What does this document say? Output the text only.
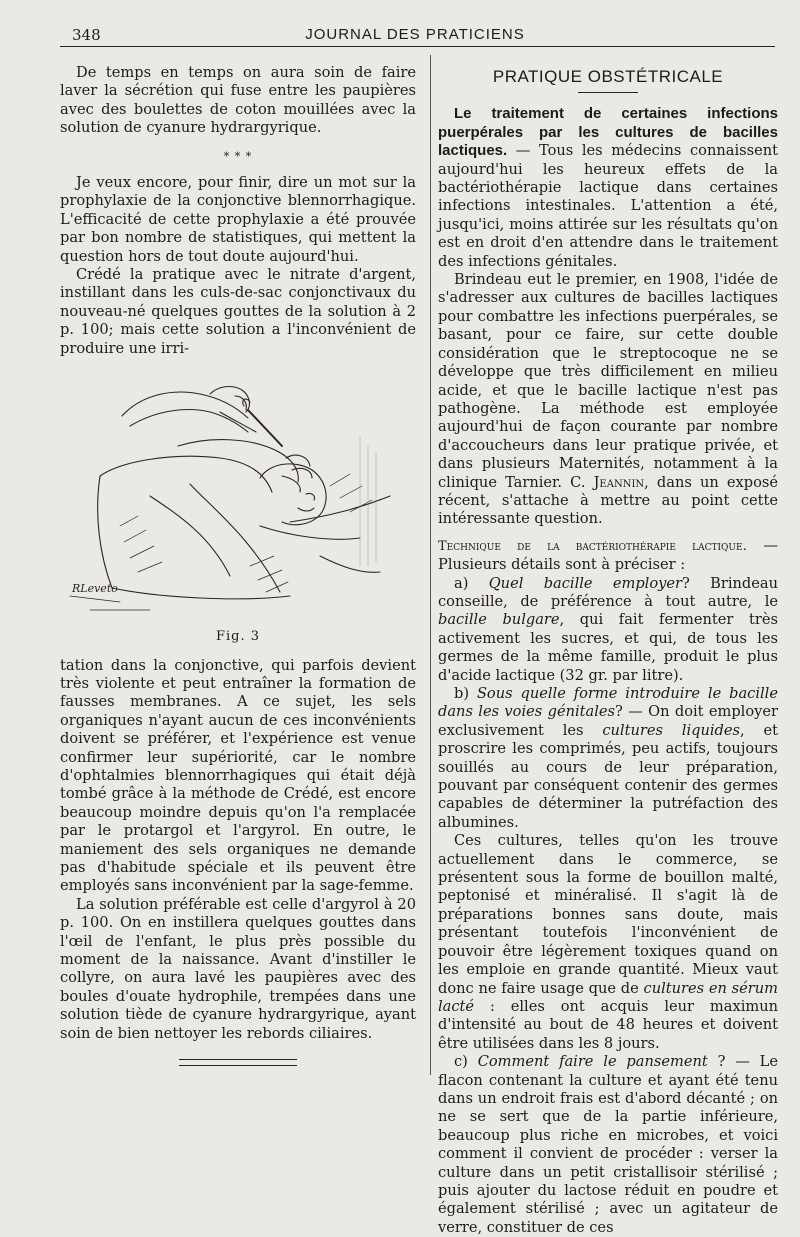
348	JOURNAL DES PRATICIENS

De temps en temps on aura soin de faire laver la sécrétion qui fuse entre les paupières avec des boulettes de coton mouillées avec la solution de cyanure hydrargyrique.

* * *

Je veux encore, pour finir, dire un mot sur la prophylaxie de la conjonctive blennorrhagique. L'efficacité de cette prophylaxie a été prouvée par bon nombre de statistiques, qui mettent la question hors de tout doute aujourd'hui.

Crédé la pratique avec le nitrate d'argent, instillant dans les culs-de-sac conjonctivaux du nouveau-né quelques gouttes de la solution à 2 p. 100; mais cette solution a l'inconvénient de produire une irri-

RLeveto
Fig. 3

tation dans la conjonctive, qui parfois devient très violente et peut entraîner la formation de fausses membranes. A ce sujet, les sels organiques n'ayant aucun de ces inconvénients doivent se préférer, et l'expérience est venue confirmer leur supériorité, car le nombre d'ophtalmies blennorrhagiques qui était déjà tombé grâce à la méthode de Crédé, est encore beaucoup moindre depuis qu'on l'a remplacée par le protargol et l'argyrol. En outre, le maniement des sels organiques ne demande pas d'habitude spéciale et ils peuvent être employés sans inconvénient par la sage-femme.

La solution préférable est celle d'argyrol à 20 p. 100. On en instillera quelques gouttes dans l'œil de l'enfant, le plus près possible du moment de la naissance. Avant d'instiller le collyre, on aura lavé les paupières avec des boules d'ouate hydrophile, trempées dans une solution tiède de cyanure hydrargyrique, ayant soin de bien nettoyer les rebords ciliaires.

PRATIQUE OBSTÉTRICALE

Le traitement de certaines infections puerpérales par les cultures de bacilles lactiques. — Tous les médecins connaissent aujourd'hui les heureux effets de la bactériothérapie lactique dans certaines infections intestinales. L'attention a été, jusqu'ici, moins attirée sur les résultats qu'on est en droit d'en attendre dans le traitement des infections génitales.

Brindeau eut le premier, en 1908, l'idée de s'adresser aux cultures de bacilles lactiques pour combattre les infections puerpérales, se basant, pour ce faire, sur cette double considération que le streptocoque ne se développe que très difficilement en milieu acide, et que le bacille lactique n'est pas pathogène. La méthode est employée aujourd'hui de façon courante par nombre d'accoucheurs dans leur pratique privée, et dans plusieurs Maternités, notamment à la clinique Tarnier. C. Jeannin, dans un exposé récent, s'attache à mettre au point cette intéressante question.

Technique de la bactériothérapie lactique. — Plusieurs détails sont à préciser :

a) Quel bacille employer? Brindeau conseille, de préférence à tout autre, le bacille bulgare, qui fait fermenter très activement les sucres, et qui, de tous les germes de la même famille, produit le plus d'acide lactique (32 gr. par litre).

b) Sous quelle forme introduire le bacille dans les voies génitales? — On doit employer exclusivement les cultures liquides, et proscrire les comprimés, peu actifs, toujours souillés au cours de leur préparation, pouvant par conséquent contenir des germes capables de déterminer la putréfaction des albumines.

Ces cultures, telles qu'on les trouve actuellement dans le commerce, se présentent sous la forme de bouillon malté, peptonisé et minéralisé. Il s'agit là de préparations bonnes sans doute, mais présentant toutefois l'inconvénient de pouvoir être légèrement toxiques quand on les emploie en grande quantité. Mieux vaut donc ne faire usage que de cultures en sérum lacté : elles ont acquis leur maximun d'intensité au bout de 48 heures et doivent être utilisées dans les 8 jours.

c) Comment faire le pansement ? — Le flacon contenant la culture et ayant été tenu dans un endroit frais est d'abord décanté ; on ne se sert que de la partie inférieure, beaucoup plus riche en microbes, et voici comment il convient de procéder : verser la culture dans un petit cristallisoir stérilisé ; puis ajouter du lactose réduit en poudre et également stérilisé ; avec un agitateur de verre, constituer de ces
